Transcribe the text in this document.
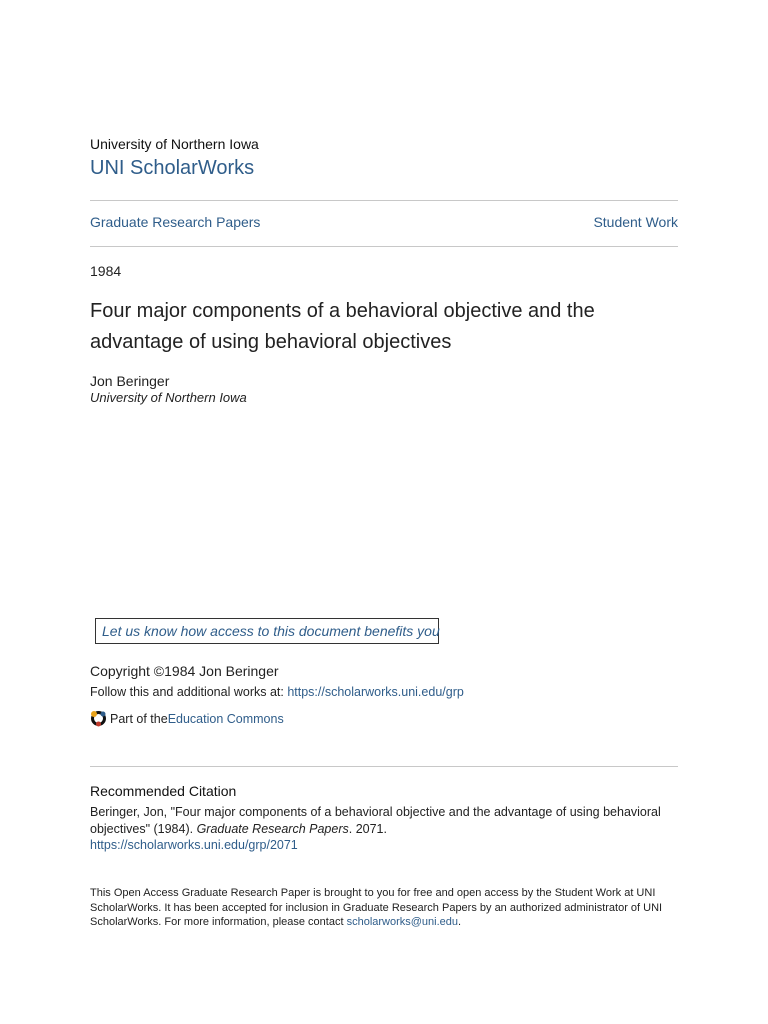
University of Northern Iowa
UNI ScholarWorks
Graduate Research Papers	Student Work
1984
Four major components of a behavioral objective and the advantage of using behavioral objectives
Jon Beringer
University of Northern Iowa
Let us know how access to this document benefits you
Copyright ©1984 Jon Beringer
Follow this and additional works at: https://scholarworks.uni.edu/grp
Part of the Education Commons
Recommended Citation
Beringer, Jon, "Four major components of a behavioral objective and the advantage of using behavioral objectives" (1984). Graduate Research Papers. 2071.
https://scholarworks.uni.edu/grp/2071
This Open Access Graduate Research Paper is brought to you for free and open access by the Student Work at UNI ScholarWorks. It has been accepted for inclusion in Graduate Research Papers by an authorized administrator of UNI ScholarWorks. For more information, please contact scholarworks@uni.edu.
